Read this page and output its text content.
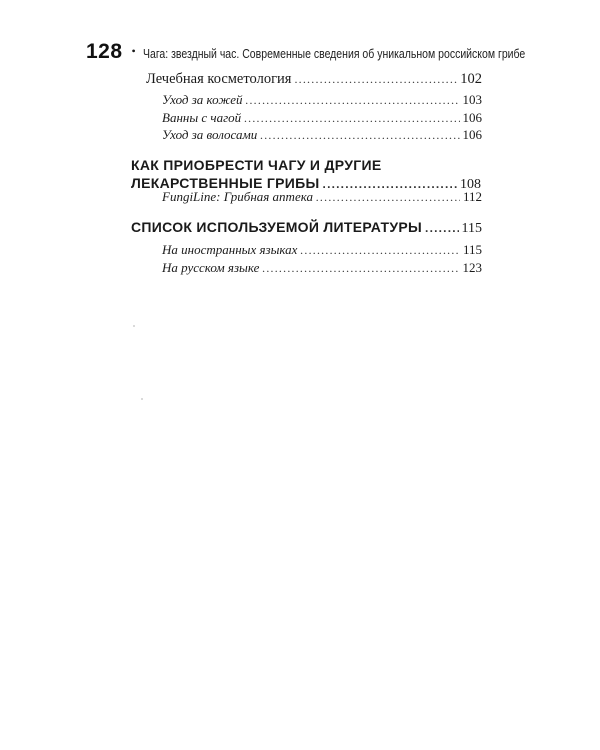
128 • Чага: звездный час. Современные сведения об уникальном российском грибе
Лечебная косметология .....	102
Уход за кожей .....	103
Ванны с чагой .....	106
Уход за волосами .....	106
КАК ПРИОБРЕСТИ ЧАГУ И ДРУГИЕ
ЛЕКАРСТВЕННЫЕ ГРИБЫ .....	108
FungiLine: Грибная аптека .....	112
СПИСОК ИСПОЛЬЗУЕМОЙ ЛИТЕРАТУРЫ .....	115
На иностранных языках .....	115
На русском языке .....	123
